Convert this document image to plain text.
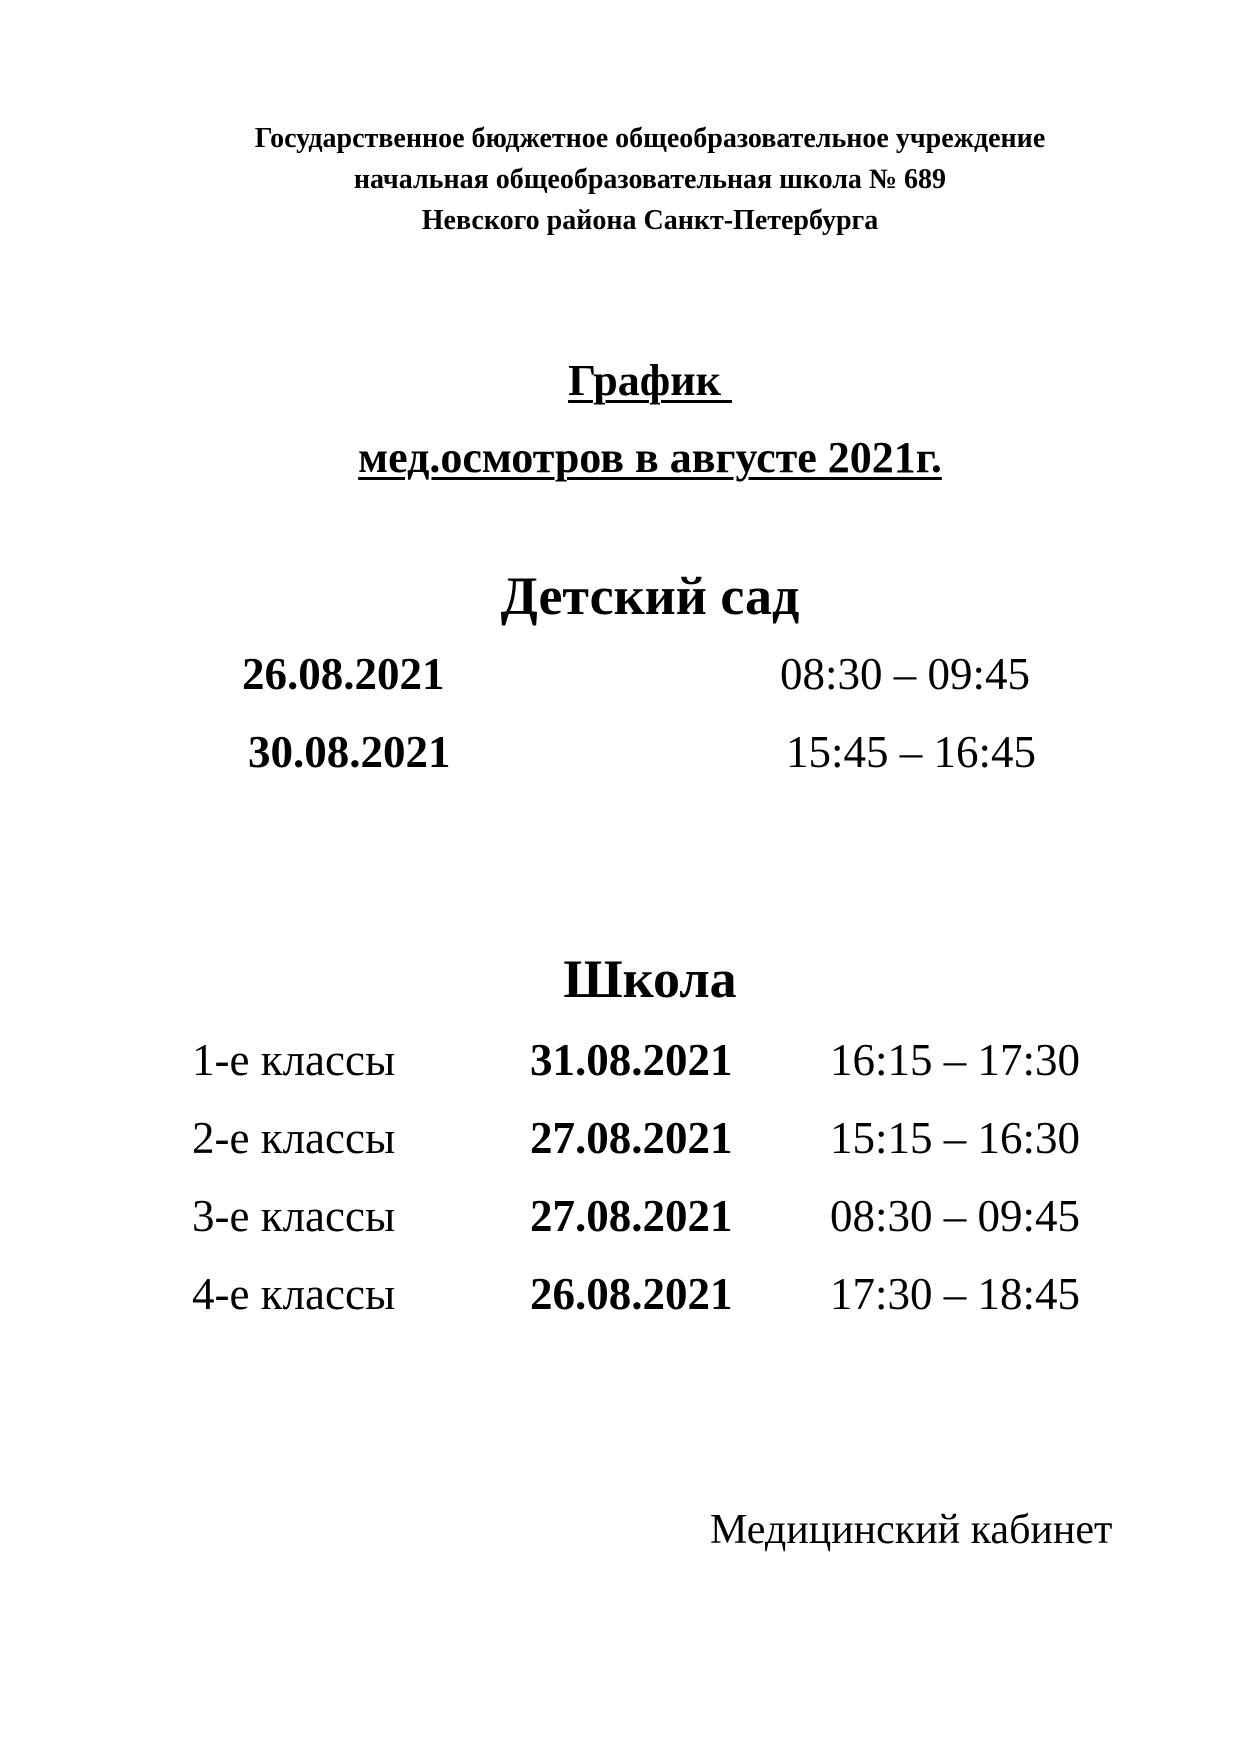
Государственное бюджетное общеобразовательное учреждение
начальная общеобразовательная школа № 689
Невского района Санкт-Петербурга
График
мед.осмотров в августе 2021г.
Детский сад
26.08.2021	08:30 – 09:45
30.08.2021	15:45 – 16:45
Школа
1-е классы	31.08.2021 16:15 – 17:30
2-е классы	27.08.2021 15:15 – 16:30
3-е классы	27.08.2021 08:30 – 09:45
4-е классы	26.08.2021 17:30 – 18:45
Медицинский кабинет
